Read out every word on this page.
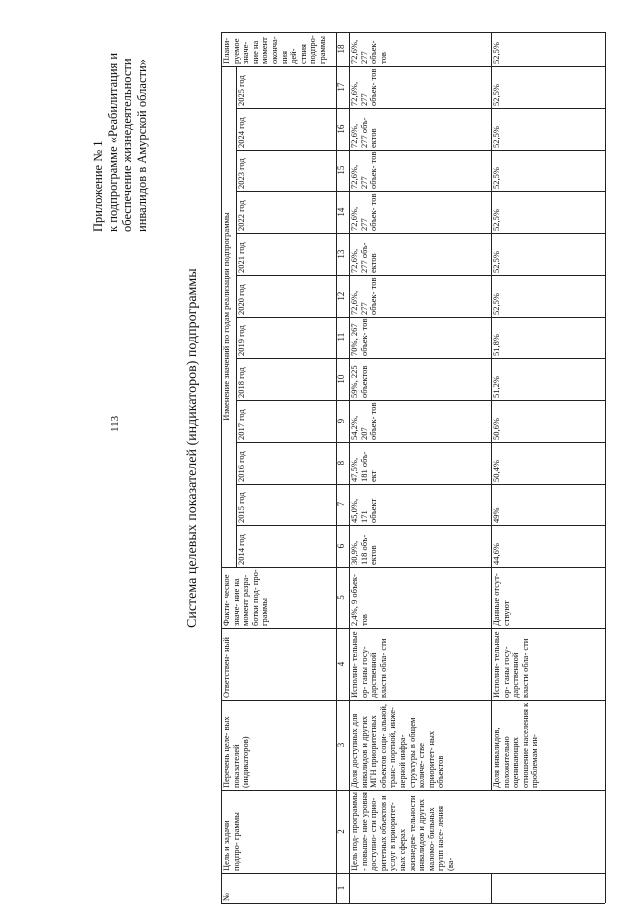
113
Приложение № 1 к подпрограмме «Реабилитация и обеспечение жизнедеятельности инвалидов в Амурской области»
Система целевых показателей (индикаторов) подпрограммы
№
Цель и задачи подпро- граммы
Перечень целе- вых показателей (индикаторов)
Ответствен- ный
Факти- ческое значе- ние на момент разра- ботки под- про- граммы
Изменение значений по годам реализации подпрограммы
2014 год
2015 год
2016 год
2017 год
2018 год
2019 год
2020 год
2021 год
2022 год
2023 год
2024 год
2025 год
Плани- руемое значе- ние на момент оконча- ния дей- ствия подпро- граммы
1
2
3
4
5
6
7
8
9
10
11
12
13
14
15
16
17
18
Цель под- программы - повыше- ние уровня доступно- сти прио- ритетных объектов и услуг в приоритет- ных сферах жизнедея- тельности инвалидов и других маломо- бильных групп насе- ления (ва-
Доля доступных для инвалидов и других МГН приоритетных объектов соци- альной, транс- портной, инже- нерной инфра- структуры в общем количе- стве приоритет- ных объектов
Исполни- тельные ор- ганы госу- дарственной власти обла- сти
2,4%, 9 объек- тов
30,9%, 118 объ- ектов
45,0%, 171 объект
47,5%, 181 объ- ект
54,2%, 207 объек- тов
59%, 225 объектов
70%, 267 объек- тов
72,6%, 277 объек- тов
72,6%, 277 объ- ектов
72,6%, 277 объек- тов
72,6%, 277 объек- тов
72,6%, 277 объ- ектов
72,6%, 277 объек- тов
72,6%, 277 объек- тов
Доля инвалидов, положительно оценивающих отношение населения к проблемам ин-
Исполни- тельные ор- ганы госу- дарственной власти обла- сти
Данные отсут- ствуют
44,6%
49%
50,4%
50,6%
51,2%
51,8%
52,5%
52,5%
52,5%
52,5%
52,5%
52,5%
52,5%
